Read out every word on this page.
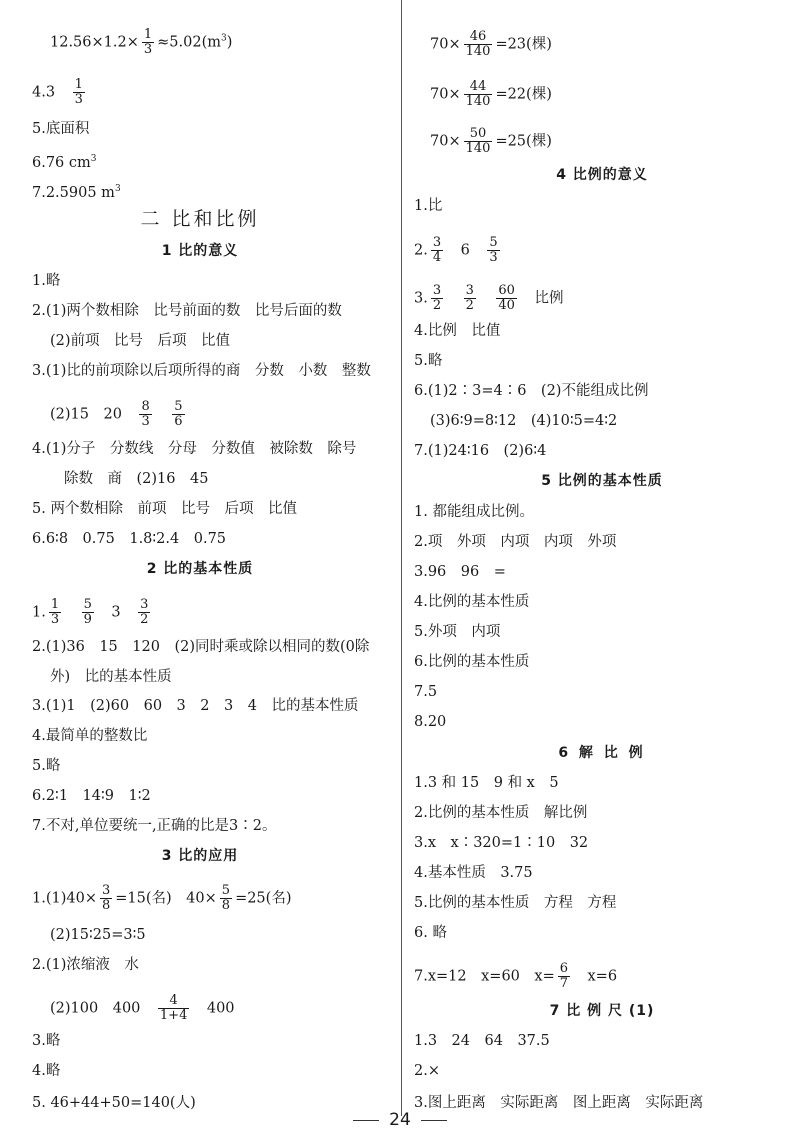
$12.56\times 1.2\times \frac{1}{3} \approx 5.02(m^3)$
4.3　 $\frac{1}{3}$
5.底面积
6.76 $cm^3$
7.2.5905 $m^3$
二 比和比例
1 比的意义
1.略
2.(1)两个数相除　比号前面的数　比号后面的数
(2)前项　比号　后项　比值
3.(1)比的前项除以后项所得的商　分数　小数　整数
(2)15　20　 $\frac{8}{3}$
　 $\frac{5}{6}$
4.(1)分子　分数线　分母　分数值　被除数　除号
除数　商　(2)16　45
5. 两个数相除　前项　比号　后项　比值
6.6∶8　0.75　1.8∶2.4　0.75
2 比的基本性质
1. $\frac{1}{3}$
　 $\frac{5}{9}$
　 3　 $\frac{3}{2}$
2.(1)36　15　120　(2)同时乘或除以相同的数(0除
外)　比的基本性质
3.(1)1　(2)60　60　3　2　3　4　比的基本性质
4.最简单的整数比
5.略
6.2∶1　14∶9　1∶2
7.不对,单位要统一,正确的比是3∶2。
3 比的应用
$1.(1)40\times \frac{3}{8} =15$(名)　$40\times \frac{5}{8} =25$(名)
(2)15∶25=3∶5
2.(1)浓缩液　水
(2)100　400　 $\frac{4}{1+4}$
　 400
3.略
4.略
5. 46+44+50=140(人)
$70\times \frac{46}{140} =23$(棵)
$70\times \frac{44}{140} =22$(棵)
$70\times \frac{50}{140} =25$(棵)
4 比例的意义
1.比
2. $\frac{3}{4}$
　 6　 $\frac{5}{3}$
3. $\frac{3}{2}$
　 $\frac{3}{2}$
　 $\frac{60}{40}$
　 比例
4.比例　比值
5.略
6.(1)2∶3=4∶6　(2)不能组成比例
(3)6∶9=8∶12　(4)10∶5=4∶2
7.(1)24∶16　(2)6∶4
5 比例的基本性质
1. 都能组成比例。
2.项　外项　内项　内项　外项
3.96　96　=
4.比例的基本性质
5.外项　内项
6.比例的基本性质
7.5
8.20
6 解 比 例
1.3 和 15　9 和 x　5
2.比例的基本性质　解比例
3.x　x∶320=1∶10　32
4.基本性质　3.75
5.比例的基本性质　方程　方程
6. 略
7.x=12　x=60　$x= \frac{6}{7}$
　 x=6
7 比 例 尺 (1)
1.3　24　64　37.5
2.×
3.图上距离　实际距离　图上距离　实际距离
24
